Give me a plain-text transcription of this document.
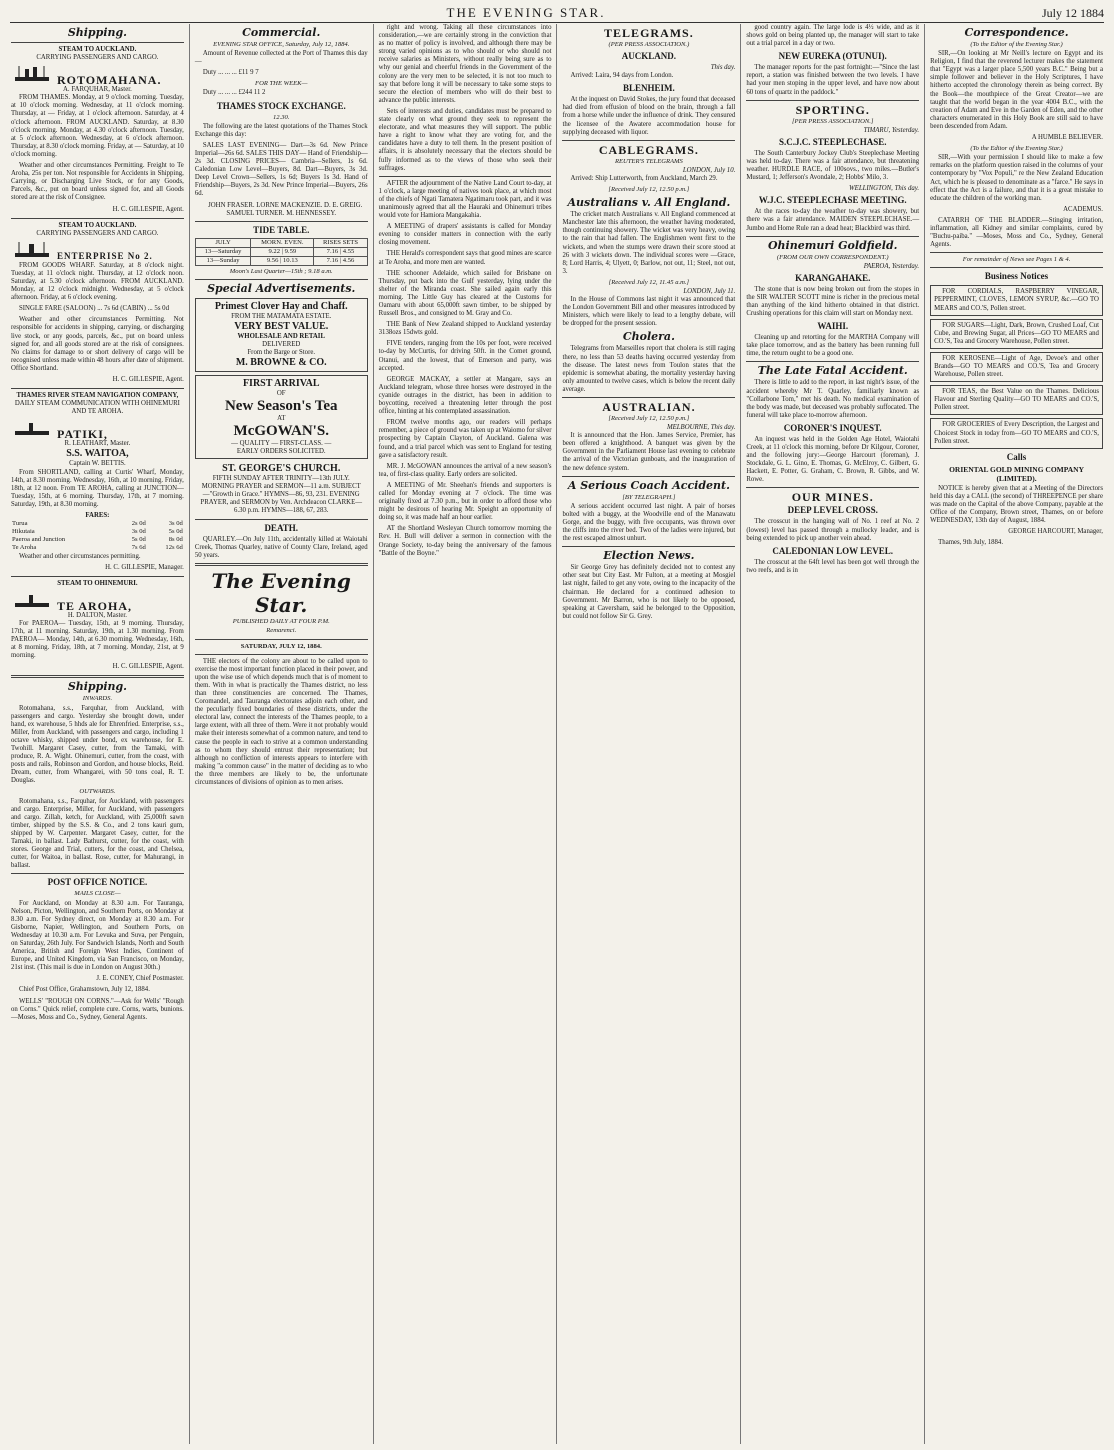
THE EVENING STAR.	July 12 1884
Shipping.
STEAM TO AUCKLAND.
CARRYING PASSENGERS AND CARGO.
ROTOMAHANA.
A. FARQUHAR, Master.

FROM THAMES. Monday, at 9 o'clock morning. Tuesday, at 10 o'clock morning. Wednesday, at 11 o'clock morning. Thursday, at — Friday, at 1 o'clock afternoon. Saturday, at 4 o'clock afternoon. FROM AUCKLAND. Saturday, at 8.30 o'clock morning. Monday, at 4.30 o'clock afternoon. Tuesday, at 5 o'clock afternoon. Wednesday, at 6 o'clock afternoon. Thursday, at 8.30 o'clock morning. Friday, at — Saturday, at 10 o'clock morning.

Weather and other circumstances Permitting. Freight to Te Aroha, 25s per ton. Not responsible for Accidents in Shipping, Carrying, or Discharging Live Stock, or for any Goods, Parcels, &c., put on board unless signed for, and all Goods stored are at the risk of Consignee.

H. C. GILLESPIE, Agent.
STEAM TO AUCKLAND.
CARRYING PASSENGERS AND CARGO.
ENTERPRISE No 2.

FROM GOODS WHARF. Saturday, at 8 o'clock night. Tuesday, at 11 o'clock night. Thursday, at 12 o'clock noon. Saturday, at 5.30 o'clock afternoon. FROM AUCKLAND. Monday, at 12 o'clock midnight. Wednesday, at 5 o'clock afternoon. Friday, at 6 o'clock evening.

SINGLE FARE (SALOON) ... 7s 6d (CABIN) ... 5s 0d

Weather and other circumstances Permitting. Not responsible for accidents in shipping, carrying, or discharging live stock, or any goods, parcels, &c., put on board unless signed for, and all goods stored are at the risk of consignees. No claims for damage to or short delivery of cargo will be recognised unless made within 48 hours after date of shipment. Office Shortland.

H. C. GILLESPIE, Agent.
THAMES RIVER STEAM NAVIGATION COMPANY,
DAILY STEAM COMMUNICATION WITH OHINEMURI AND TE AROHA.
PATIKI,
R. LEATHART, Master.
S.S. WAITOA,
Captain W. BETTIS.

From SHORTLAND, calling at Curtis' Wharf, Monday, 14th, at 8.30 morning. Wednesday, 16th, at 10 morning. Friday, 18th, at 12 noon. From TE AROHA, calling at JUNCTION— Tuesday, 15th, at 6 morning. Thursday, 17th, at 7 morning. Saturday, 19th, at 8.30 morning.

FARES:
Turua	2s 0d	3s 0d
Hikutaia	3s 0d	5s 0d
Paeroa and Junction	5s 0d	8s 0d
Te Aroha	7s 6d	12s 6d

Weather and other circumstances permitting.

H. C. GILLESPIE, Manager.
STEAM TO OHINEMURI.
TE AROHA,
H. DALTON, Master.

For PAEROA— Tuesday, 15th, at 9 morning. Thursday, 17th, at 11 morning. Saturday, 19th, at 1.30 morning. From PAEROA— Monday, 14th, at 6.30 morning. Wednesday, 16th, at 8 morning. Friday, 18th, at 7 morning. Monday, 21st, at 9 morning.

H. C. GILLESPIE, Agent.
Shipping.
INWARDS.

Rotomahana, s.s., Farquhar, from Auckland, with passengers and cargo. Yesterday she brought down, under hand, ex warehouse, 5 hhds ale for Ehrenfried. Enterprise, s.s., Miller, from Auckland, with passengers and cargo, including 1 octave whisky, shipped under bond, ex warehouse, for E. Twohill. Margaret Casey, cutter, from the Tamaki, with produce, R. A. Wight. Ohinemuri, cutter, from the coast, with posts and rails, Robinson and Gordon, and house blocks, Reid. Dream, cutter, from Whangarei, with 50 tons coal, R. T. Douglas.

OUTWARDS.

Rotomahana, s.s., Farquhar, for Auckland, with passengers and cargo. Enterprise, Miller, for Auckland, with passengers and cargo. Zillah, ketch, for Auckland, with 25,000ft sawn timber, shipped by the S.S. & Co., and 2 tons kauri gum, shipped by W. Carpenter. Margaret Casey, cutter, for the Tamaki, in ballast. Lady Bathurst, cutter, for the coast, with stores. George and Trial, cutters, for the coast, and Chelsea, cutter, for Waitoa, in ballast. Rose, cutter, for Mahurangi, in ballast.

POST OFFICE NOTICE.
MAILS CLOSE—

For Auckland, on Monday at 8.30 a.m. For Tauranga, Nelson, Picton, Wellington, and Southern Ports, on Monday at 8.30 a.m. For Sydney direct, on Monday at 8.30 a.m. For Gisborne, Napier, Wellington, and Southern Ports, on Wednesday at 10.30 a.m. For Levuka and Suva, per Penguin, on Saturday, 26th July. For Sandwich Islands, North and South America, British and Foreign West Indies, Continent of Europe, and United Kingdom, via San Francisco, on Monday, 21st inst. (This mail is due in London on August 30th.)

J. E. CONEY, Chief Postmaster.

Chief Post Office, Grahamstown, July 12, 1884.

WELLS' "ROUGH ON CORNS."—Ask for Wells' "Rough on Corns." Quick relief, complete cure. Corns, warts, bunions.—Moses, Moss and Co., Sydney, General Agents.

Commercial.
EVENING STAR OFFICE, Saturday, July 12, 1884.

Amount of Revenue collected at the Port of Thames this day —

Duty ... ... ... £11 9 7

FOR THE WEEK—

Duty ... ... ... £244 11 2

THAMES STOCK EXCHANGE.
12.30.

The following are the latest quotations of the Thames Stock Exchange this day:

SALES LAST EVENING— Dart—3s 6d. New Prince Imperial—26s 6d. SALES THIS DAY— Hand of Friendship—2s 3d. CLOSING PRICES— Cambria—Sellers, 1s 6d. Caledonian Low Level—Buyers, 8d. Dart—Buyers, 3s 3d. Deep Level Crown—Sellers, 1s 6d; Buyers 1s 3d. Hand of Friendship—Buyers, 2s 3d. New Prince Imperial—Buyers, 26s 6d.

JOHN FRASER. LORNE MACKENZIE. D. E. GREIG. SAMUEL TURNER. M. HENNESSEY.

TIDE TABLE.
JULY	MORN. EVEN.	RISES SETS
13—Saturday	9.22 | 9.59	7.16 | 4.55
13—Sunday	9.56 | 10.13	7.16 | 4.56
Moon's Last Quarter—15th ; 9.18 a.m.
Special Advertisements.
Primest Clover Hay and Chaff.
FROM THE MATAMATA ESTATE.
VERY BEST VALUE.
WHOLESALE AND RETAIL
DELIVERED
From the Barge or Store.
M. BROWNE & CO.
FIRST ARRIVAL
OF
New Season's Tea
AT
McGOWAN'S.
— QUALITY — FIRST-CLASS. —
EARLY ORDERS SOLICITED.
ST. GEORGE'S CHURCH.
FIFTH SUNDAY AFTER TRINITY—13th JULY.
MORNING PRAYER and SERMON—11 a.m. SUBJECT—"Growth in Grace." HYMNS—86, 93, 231. EVENING PRAYER, and SERMON by Ven. Archdeacon CLARKE—6.30 p.m. HYMNS—188, 67, 283.
DEATH.

QUARLEY.—On July 11th, accidentally killed at Waiotahi Creek, Thomas Quarley, native of County Clare, Ireland, aged 50 years.

The Evening Star.
PUBLISHED DAILY AT FOUR P.M.
Remarenci.
SATURDAY, JULY 12, 1884.

THE electors of the colony are about to be called upon to exercise the most important function placed in their power, and upon the wise use of which depends much that is of moment to them. With in what is practically the Thames district, no less than three constituencies are concerned. The Thames, Coromandel, and Tauranga electorates adjoin each other, and the peculiarly fixed boundaries of these districts, under the electoral law, connect the interests of the Thames people, to a large extent, with all three of them. Were it not probably would make their interests somewhat of a common nature, and tend to cause the people in each to strive at a common understanding as to whom they should entrust their representation; but although no confliction of interests appears to interfere with making "a common cause" in the matter of deciding as to who the three members are likely to be, the unfortunate circumstances of divisions of opinion as to men arises.

right and wrong. Taking all these circumstances into consideration,—we are certainly strong in the conviction that as no matter of policy is involved, and although there may be strong varied opinions as to who should or who should not receive salaries as Ministers, without really being sure as to why our genial and cheerful friends in the Government of the colony are the very men to be selected, it is not too much to say that before long it will be necessary to take some steps to secure the election of members who will do their best to advance the public interests.

Sets of interests and duties, candidates must be prepared to state clearly on what ground they seek to represent the electorate, and what measures they will support. The public have a right to know what they are voting for, and the candidates have a duty to tell them. In the present position of affairs, it is absolutely necessary that the electors should be fully informed as to the views of those who seek their suffrages.

AFTER the adjournment of the Native Land Court to-day, at 1 o'clock, a large meeting of natives took place, at which most of the chiefs of Ngati Tamatera Ngatimaru took part, and it was unanimously agreed that all the Hauraki and Ohinemuri tribes would vote for Hamiora Mangakahia.

A MEETING of drapers' assistants is called for Monday evening to consider matters in connection with the early closing movement.

THE Herald's correspondent says that good mines are scarce at Te Aroha, and more men are wanted.

THE schooner Adelaide, which sailed for Brisbane on Thursday, put back into the Gulf yesterday, lying under the shelter of the Miranda coast. She sailed again early this morning. The Little Guy has cleared at the Customs for Oamaru with about 65,000ft sawn timber, to be shipped by Russell Bros., and consigned to M. Gray and Co.

THE Bank of New Zealand shipped to Auckland yesterday 3138ozs 15dwts gold.

FIVE tenders, ranging from the 10s per foot, were received to-day by McCurtis, for driving 50ft. in the Comet ground, Otanui, and the lowest, that of Emerson and party, was accepted.

GEORGE MACKAY, a settler at Mangare, says an Auckland telegram, whose three horses were destroyed in the cyanide outrages in the district, has been in addition to boycotting, received a threatening letter through the post office, hinting at his contemplated assassination.

FROM twelve months ago, our readers will perhaps remember, a piece of ground was taken up at Waiomo for silver prospecting by Captain Clayton, of Auckland. Galena was found, and a trial parcel which was sent to England for testing gave a satisfactory result.

MR. J. McGOWAN announces the arrival of a new season's tea, of first-class quality. Early orders are solicited.

A MEETING of Mr. Sheehan's friends and supporters is called for Monday evening at 7 o'clock. The time was originally fixed at 7.30 p.m., but in order to afford those who might be desirous of hearing Mr. Speight an opportunity of doing so, it was made half an hour earlier.

AT the Shortland Wesleyan Church tomorrow morning the Rev. H. Bull will deliver a sermon in connection with the Orange Society, to-day being the anniversary of the famous "Battle of the Boyne."

TELEGRAMS.
(PER PRESS ASSOCIATION.)
AUCKLAND.
This day.

Arrived: Laira, 94 days from London.

BLENHEIM.

At the inquest on David Stokes, the jury found that deceased had died from effusion of blood on the brain, through a fall from a horse while under the influence of drink. They censured the licensee of the Awatere accommodation house for supplying deceased with liquor.

CABLEGRAMS.
REUTER'S TELEGRAMS
LONDON, July 10.

Arrived: Ship Lutterworth, from Auckland, March 29.

[Received July 12, 12.50 p.m.]
Australians v. All England.

The cricket match Australians v. All England commenced at Manchester late this afternoon, the weather having moderated, though continuing showery. The wicket was very heavy, owing to the rain that had fallen. The Englishmen went first to the wickets, and when the stumps were drawn their score stood at 26 with 3 wickets down. The individual scores were —Grace, 8; Lord Harris, 4; Ulyett, 0; Barlow, not out, 11; Steel, not out, 3.

[Received July 12, 11.45 a.m.]
LONDON, July 11.

In the House of Commons last night it was announced that the London Government Bill and other measures introduced by Ministers, which were likely to lead to a lengthy debate, will be dropped for the present session.

Cholera.

Telegrams from Marseilles report that cholera is still raging there, no less than 53 deaths having occurred yesterday from the disease. The latest news from Toulon states that the epidemic is somewhat abating, the mortality yesterday having only amounted to twelve cases, which is below the recent daily average.

AUSTRALIAN.
[Received July 12, 12.50 p.m.]
MELBOURNE, This day.

It is announced that the Hon. James Service, Premier, has been offered a knighthood. A banquet was given by the Government in the Parliament House last evening to celebrate the arrival of the Victorian gunboats, and the inauguration of the new defence system.

A Serious Coach Accident.
[BY TELEGRAPH.]

A serious accident occurred last night. A pair of horses bolted with a buggy, at the Woodville end of the Manawatu Gorge, and the buggy, with five occupants, was thrown over the cliffs into the river bed. Two of the ladies were injured, but the rest escaped almost unhurt.

Election News.

Sir George Grey has definitely decided not to contest any other seat but City East. Mr Fulton, at a meeting at Mosgiel last night, failed to get any vote, owing to the incapacity of the chairman. He declared for a continued adhesion to Government. Mr Barron, who is not likely to be opposed, speaking at Caversham, said he belonged to the Opposition, but could not follow Sir G. Grey.

good country again. The large lode is 4½ wide, and as it shows gold on being planted up, the manager will start to take out a trial parcel in a day or two.

NEW EUREKA (OTUNUI).

The manager reports for the past fortnight:—"Since the last report, a station was finished between the two levels. I have had your men stoping in the upper level, and have now about 60 tons of quartz in the paddock."

SPORTING.
[PER PRESS ASSOCIATION.]
TIMARU, Yesterday.
S.C.J.C. STEEPLECHASE.

The South Canterbury Jockey Club's Steeplechase Meeting was held to-day. There was a fair attendance, but threatening weather. HURDLE RACE, of 100sovs., two miles.—Butler's Mustard, 1; Jefferson's Avondale, 2; Hobbs' Milo, 3.

WELLINGTON, This day.
W.J.C. STEEPLECHASE MEETING.

At the races to-day the weather to-day was showery, but there was a fair attendance. MAIDEN STEEPLECHASE.—Jumbo and Home Rule ran a dead heat; Blackbird was third.

Ohinemuri Goldfield.
(FROM OUR OWN CORRESPONDENT.)
PAEROA, Yesterday.
KARANGAHAKE.

The stone that is now being broken out from the stopes in the SIR WALTER SCOTT mine is richer in the precious metal than anything of the kind hitherto obtained in that district. Crushing operations for this claim will start on Monday next.

WAIHI.

Cleaning up and retorting for the MARTHA Company will take place tomorrow, and as the battery has been running full time, the return ought to be a good one.

The Late Fatal Accident.

There is little to add to the report, in last night's issue, of the accident whereby Mr T. Quarley, familiarly known as "Collarbone Tom," met his death. No medical examination of the body was made, but deceased was probably suffocated. The funeral will take place to-morrow afternoon.

CORONER'S INQUEST.

An inquest was held in the Golden Age Hotel, Waiotahi Creek, at 11 o'clock this morning, before Dr Kilgour, Coroner, and the following jury:—George Harcourt (foreman), J. Stockdale, G. L. Gino, E. Thomas, G. McElroy, C. Gilbert, G. Hackett, E. Potter, G. Graham, C. Brown, R. Gibbs, and W. Rowe.

OUR MINES.
DEEP LEVEL CROSS.

The crosscut in the hanging wall of No. 1 reef at No. 2 (lowest) level has passed through a mullocky leader, and is being extended to pick up another vein ahead.

CALEDONIAN LOW LEVEL.

The crosscut at the 64ft level has been got well through the two reefs, and is in

Correspondence.
(To the Editor of the Evening Star.)

SIR,—On looking at Mr Neill's lecture on Egypt and its Religion, I find that the reverend lecturer makes the statement that "Egypt was a larger place 5,500 years B.C." Being but a simple follower and believer in the Holy Scriptures, I have hitherto accepted the chronology therein as being correct. By the Book—the mouthpiece of the Great Creator—we are taught that the world began in the year 4004 B.C., with the creation of Adam and Eve in the Garden of Eden, and the other characters enumerated in this Holy Book are still said to have been descended from Adam.

A HUMBLE BELIEVER.

(To the Editor of the Evening Star.)

SIR,—With your permission I should like to make a few remarks on the platform question raised in the columns of your contemporary by "Vox Populi," re the New Zealand Education Act, which he is pleased to denominate as a "farce." He says in effect that the Act is a failure, and that it is a great mistake to educate the children of the working man.

ACADEMUS.

CATARRH OF THE BLADDER.—Stinging irritation, inflammation, all Kidney and similar complaints, cured by "Buchu-paiba." —Moses, Moss and Co., Sydney, General Agents.

For remainder of News see Pages 1 & 4.
Business Notices

FOR CORDIALS, RASPBERRY VINEGAR, PEPPERMINT, CLOVES, LEMON SYRUP, &c.—GO TO MEARS and CO.'S, Pollen street.

FOR SUGARS—Light, Dark, Brown, Crushed Loaf, Cut Cube, and Brewing Sugar, all Prices—GO TO MEARS and CO.'S, Tea and Grocery Warehouse, Pollen street.

FOR KEROSENE—Light of Age, Devoe's and other Brands—GO TO MEARS and CO.'S, Tea and Grocery Warehouse, Pollen street.

FOR TEAS, the Best Value on the Thames. Delicious Flavour and Sterling Quality—GO TO MEARS and CO.'S, Pollen street.

FOR GROCERIES of Every Description, the Largest and Choicest Stock in today from—GO TO MEARS and CO.'S, Pollen street.

Calls
ORIENTAL GOLD MINING COMPANY (LIMITED).

NOTICE is hereby given that at a Meeting of the Directors held this day a CALL (the second) of THREEPENCE per share was made on the Capital of the above Company, payable at the Office of the Company, Brown street, Thames, on or before WEDNESDAY, 13th day of August, 1884.

GEORGE HARCOURT, Manager,

Thames, 9th July, 1884.
